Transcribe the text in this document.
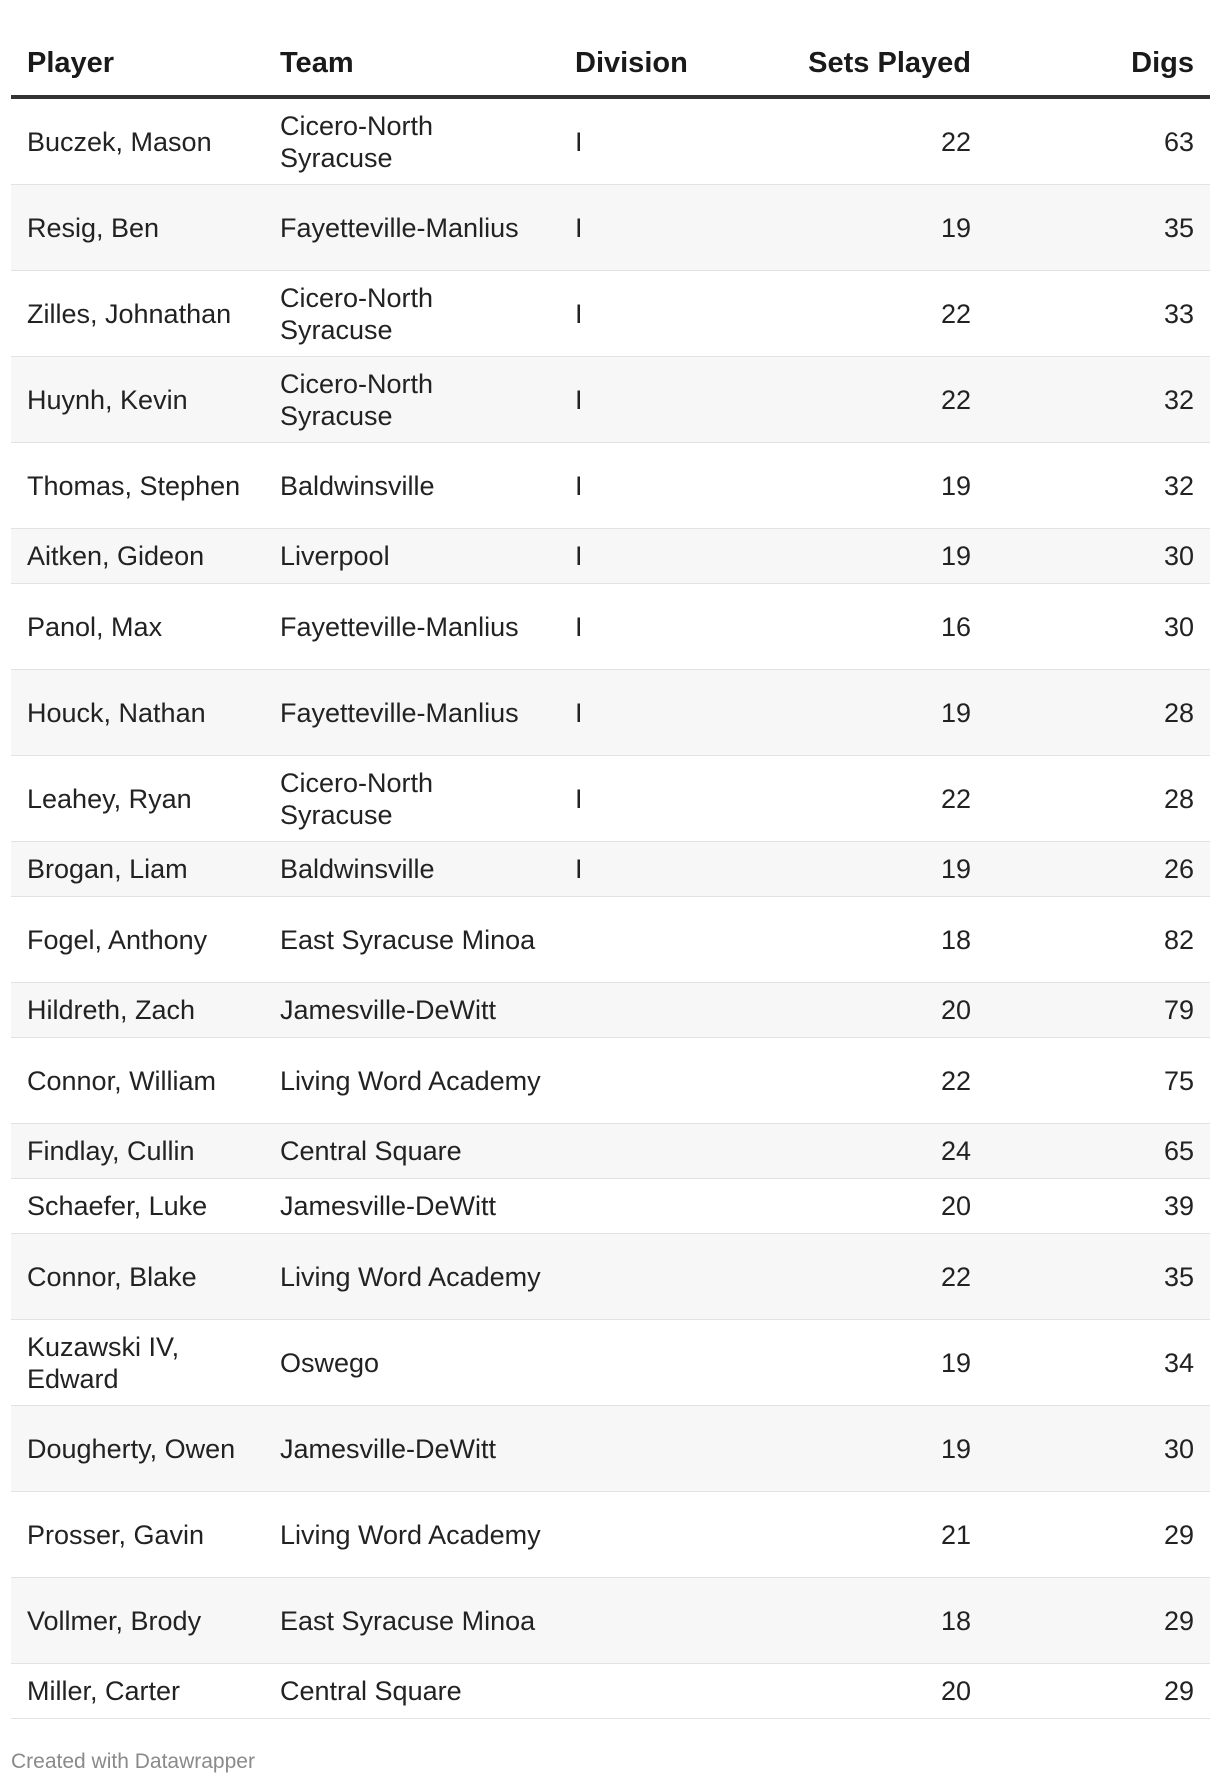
Player	Team	Division	Sets Played	Digs
Buczek, Mason	Cicero-North Syracuse	I	22	63
Resig, Ben	Fayetteville-Manlius	I	19	35
Zilles, Johnathan	Cicero-North Syracuse	I	22	33
Huynh, Kevin	Cicero-North Syracuse	I	22	32
Thomas, Stephen	Baldwinsville	I	19	32
Aitken, Gideon	Liverpool	I	19	30
Panol, Max	Fayetteville-Manlius	I	16	30
Houck, Nathan	Fayetteville-Manlius	I	19	28
Leahey, Ryan	Cicero-North Syracuse	I	22	28
Brogan, Liam	Baldwinsville	I	19	26
Fogel, Anthony	East Syracuse Minoa		18	82
Hildreth, Zach	Jamesville-DeWitt		20	79
Connor, William	Living Word Academy		22	75
Findlay, Cullin	Central Square		24	65
Schaefer, Luke	Jamesville-DeWitt		20	39
Connor, Blake	Living Word Academy		22	35
Kuzawski IV, Edward	Oswego		19	34
Dougherty, Owen	Jamesville-DeWitt		19	30
Prosser, Gavin	Living Word Academy		21	29
Vollmer, Brody	East Syracuse Minoa		18	29
Miller, Carter	Central Square		20	29
Created with Datawrapper
